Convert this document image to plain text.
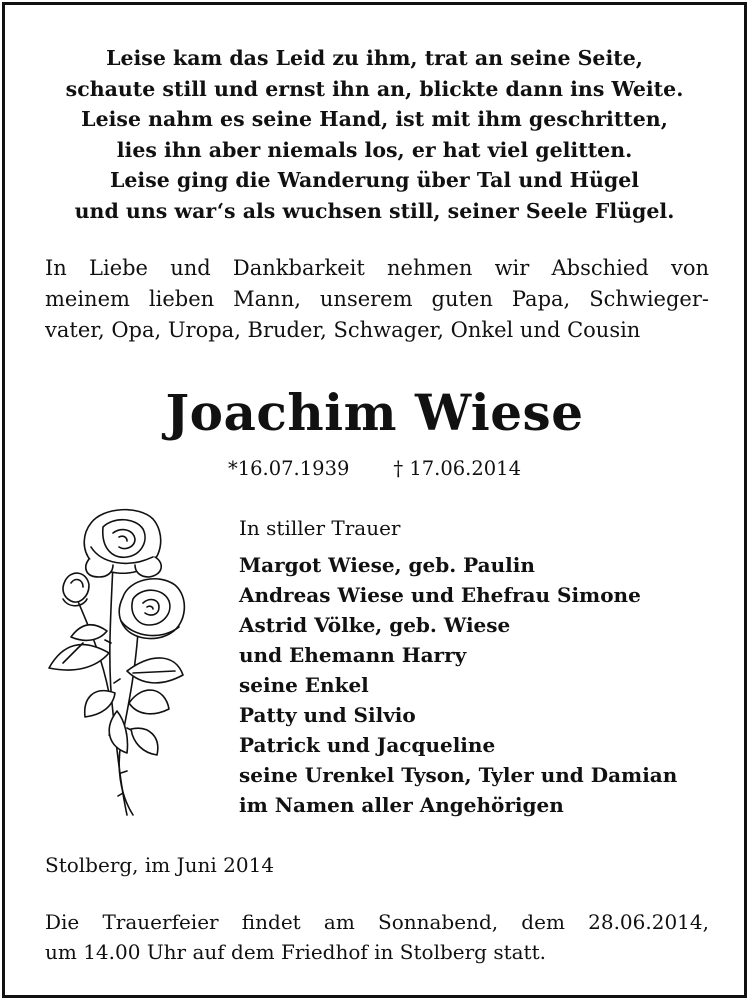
Leise kam das Leid zu ihm, trat an seine Seite,
schaute still und ernst ihn an, blickte dann ins Weite.
Leise nahm es seine Hand, ist mit ihm geschritten,
lies ihn aber niemals los, er hat viel gelitten.
Leise ging die Wanderung über Tal und Hügel
und uns war‘s als wuchsen still, seiner Seele Flügel.
In Liebe und Dankbarkeit nehmen wir Abschied von
meinem lieben Mann, unserem guten Papa, Schwieger-
vater, Opa, Uropa, Bruder, Schwager, Onkel und Cousin
Joachim Wiese
*16.07.1939 † 17.06.2014
In stiller Trauer
Margot Wiese, geb. Paulin
Andreas Wiese und Ehefrau Simone
Astrid Völke, geb. Wiese
und Ehemann Harry
seine Enkel
Patty und Silvio
Patrick und Jacqueline
seine Urenkel Tyson, Tyler und Damian
im Namen aller Angehörigen
Stolberg, im Juni 2014
Die Trauerfeier findet am Sonnabend, dem 28.06.2014,
um 14.00 Uhr auf dem Friedhof in Stolberg statt.
